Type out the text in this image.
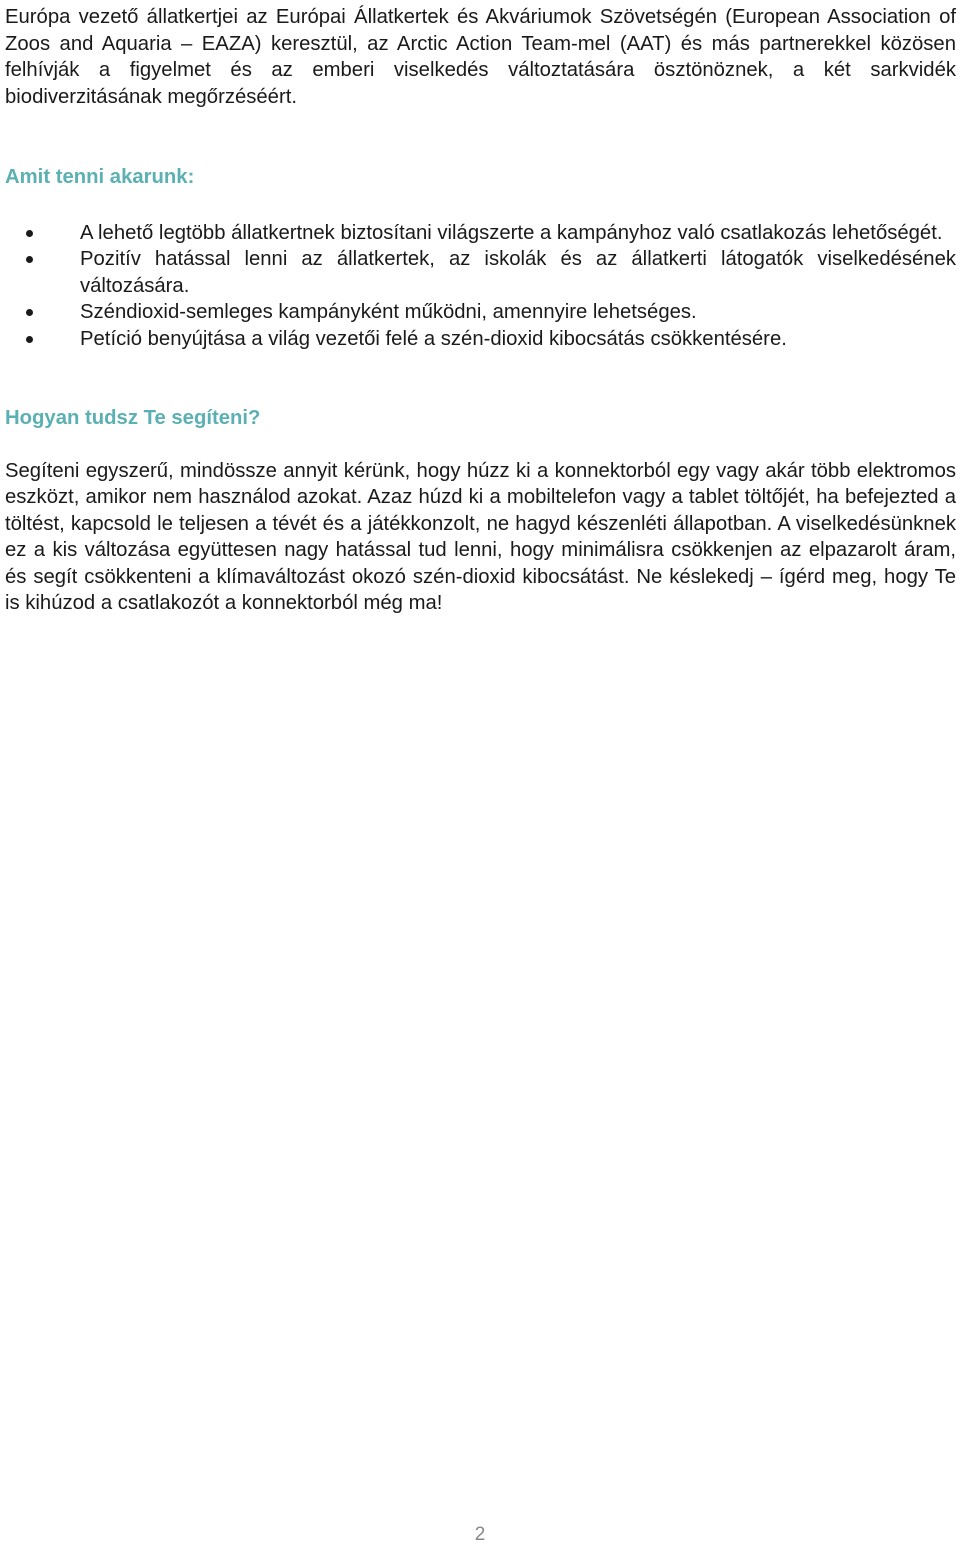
Európa vezető állatkertjei az Európai Állatkertek és Akváriumok Szövetségén (European Association of Zoos and Aquaria – EAZA) keresztül, az Arctic Action Team-mel (AAT) és más partnerekkel közösen felhívják a figyelmet és az emberi viselkedés változtatására ösztönöznek, a két sarkvidék biodiverzitásának megőrzéséért.

Amit tenni akarunk:
A lehető legtöbb állatkertnek biztosítani világszerte a kampányhoz való csatlakozás lehetőségét.
Pozitív hatással lenni az állatkertek, az iskolák és az állatkerti látogatók viselkedésének változására.
Széndioxid-semleges kampányként működni, amennyire lehetséges.
Petíció benyújtása a világ vezetői felé a szén-dioxid kibocsátás csökkentésére.
Hogyan tudsz Te segíteni?

Segíteni egyszerű, mindössze annyit kérünk, hogy húzz ki a konnektorból egy vagy akár több elektromos eszközt, amikor nem használod azokat. Azaz húzd ki a mobiltelefon vagy a tablet töltőjét, ha befejezted a töltést, kapcsold le teljesen a tévét és a játékkonzolt, ne hagyd készenléti állapotban. A viselkedésünknek ez a kis változása együttesen nagy hatással tud lenni, hogy minimálisra csökkenjen az elpazarolt áram, és segít csökkenteni a klímaváltozást okozó szén-dioxid kibocsátást. Ne késlekedj – ígérd meg, hogy Te is kihúzod a csatlakozót a konnektorból még ma!

2
